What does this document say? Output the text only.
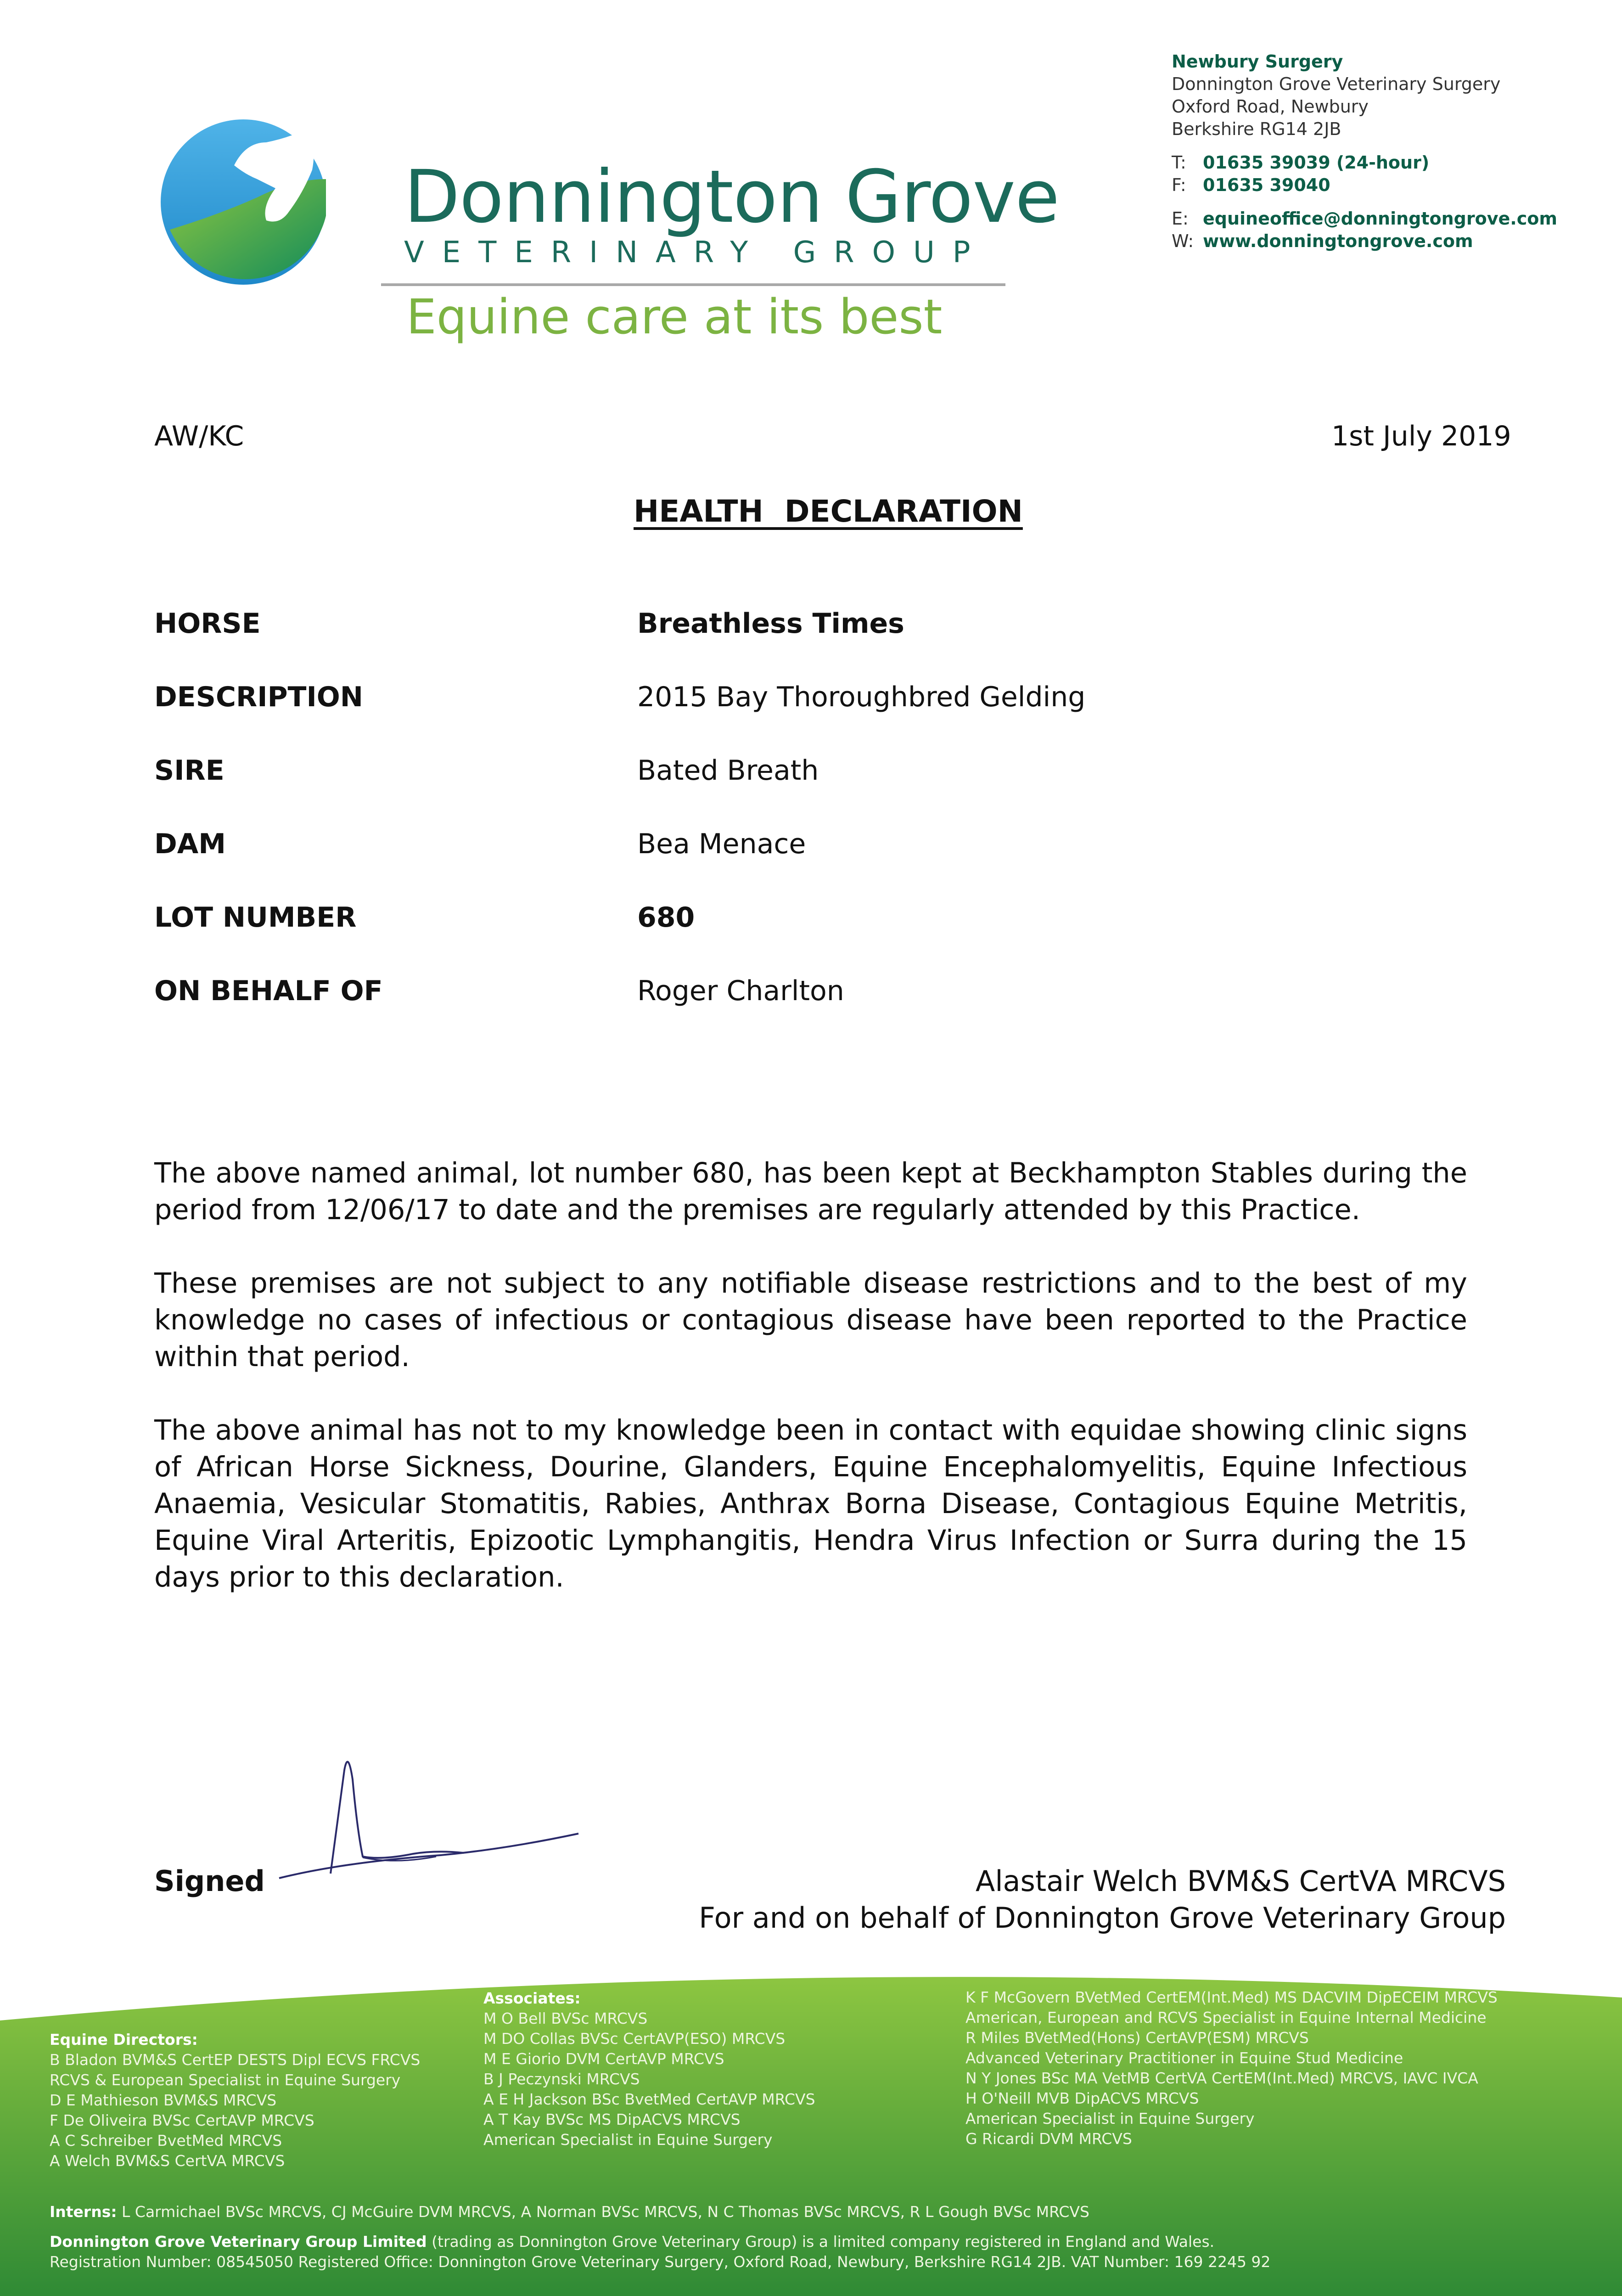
Donnington Grove
VETERINARY GROUP
Equine care at its best
Newbury Surgery
Donnington Grove Veterinary Surgery
Oxford Road, Newbury
Berkshire RG14 2JB
T: 01635 39039 (24-hour)
F: 01635 39040
E: equineoffice@donningtongrove.com
W: www.donningtongrove.com
AW/KC	1st July 2019
HEALTH  DECLARATION
HORSE	Breathless Times
DESCRIPTION	2015 Bay Thoroughbred Gelding
SIRE	Bated Breath
DAM	Bea Menace
LOT NUMBER	680
ON BEHALF OF	Roger Charlton
The above named animal, lot number 680, has been kept at Beckhampton Stables during the period from 12/06/17 to date and the premises are regularly attended by this Practice.
These premises are not subject to any notifiable disease restrictions and to the best of my knowledge no cases of infectious or contagious disease have been reported to the Practice within that period.
The above animal has not to my knowledge been in contact with equidae showing clinic signs of African Horse Sickness, Dourine, Glanders, Equine Encephalomyelitis, Equine Infectious Anaemia, Vesicular Stomatitis, Rabies, Anthrax Borna Disease, Contagious Equine Metritis, Equine Viral Arteritis, Epizootic Lymphangitis, Hendra Virus Infection or Surra during the 15 days prior to this declaration.
Signed	Alastair Welch BVM&S CertVA MRCVS
For and on behalf of Donnington Grove Veterinary Group
Equine Directors:
B Bladon BVM&S CertEP DESTS Dipl ECVS FRCVS
RCVS & European Specialist in Equine Surgery
D E Mathieson BVM&S MRCVS
F De Oliveira BVSc CertAVP MRCVS
A C Schreiber BvetMed MRCVS
A Welch BVM&S CertVA MRCVS
Associates:
M O Bell BVSc MRCVS
M DO Collas BVSc CertAVP(ESO) MRCVS
M E Giorio DVM CertAVP MRCVS
B J Peczynski MRCVS
A E H Jackson BSc BvetMed CertAVP MRCVS
A T Kay BVSc MS DipACVS MRCVS
American Specialist in Equine Surgery
K F McGovern BVetMed CertEM(Int.Med) MS DACVIM DipECEIM MRCVS
American, European and RCVS Specialist in Equine Internal Medicine
R Miles BVetMed(Hons) CertAVP(ESM) MRCVS
Advanced Veterinary Practitioner in Equine Stud Medicine
N Y Jones BSc MA VetMB CertVA CertEM(Int.Med) MRCVS, IAVC IVCA
H O'Neill MVB DipACVS MRCVS
American Specialist in Equine Surgery
G Ricardi DVM MRCVS
Interns: L Carmichael BVSc MRCVS, CJ McGuire DVM MRCVS, A Norman BVSc MRCVS, N C Thomas BVSc MRCVS, R L Gough BVSc MRCVS
Donnington Grove Veterinary Group Limited (trading as Donnington Grove Veterinary Group) is a limited company registered in England and Wales.
Registration Number: 08545050 Registered Office: Donnington Grove Veterinary Surgery, Oxford Road, Newbury, Berkshire RG14 2JB. VAT Number: 169 2245 92
